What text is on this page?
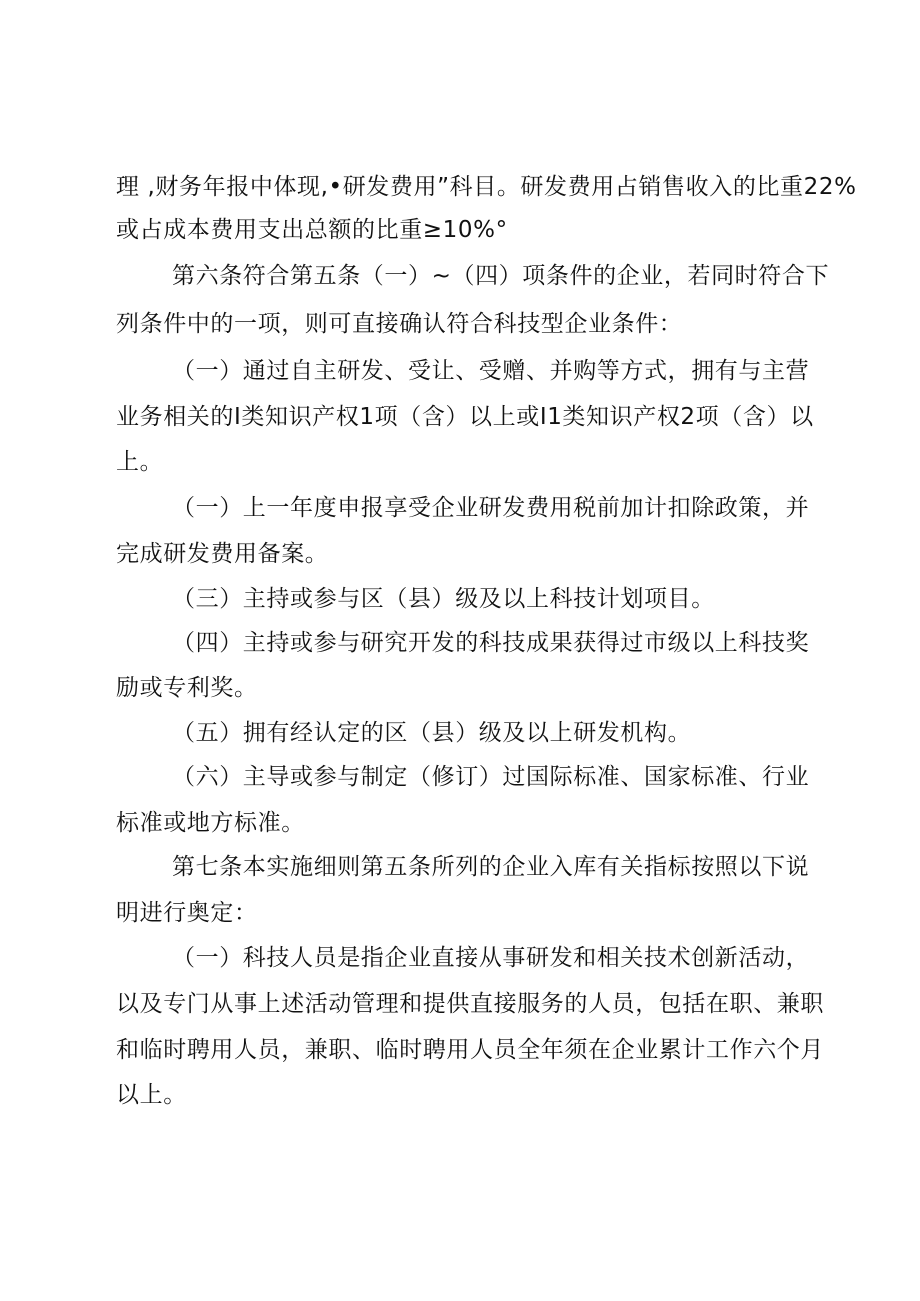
理 ,财务年报中体现,•研发费用”科目。研发费用占销售收入的比重22%
或占成本费用支出总额的比重≥10%°
第六条符合第五条（一）~（四）项条件的企业，若同时符合下
列条件中的一项，则可直接确认符合科技型企业条件：
（一）通过自主研发、受让、受赠、并购等方式，拥有与主营
业务相关的I类知识产权1项（含）以上或I1类知识产权2项（含）以
上。
（一）上一年度申报享受企业研发费用税前加计扣除政策，并
完成研发费用备案。
（三）主持或参与区（县）级及以上科技计划项目。
（四）主持或参与研究开发的科技成果获得过市级以上科技奖
励或专利奖。
（五）拥有经认定的区（县）级及以上研发机构。
（六）主导或参与制定（修订）过国际标准、国家标准、行业
标准或地方标准。
第七条本实施细则第五条所列的企业入库有关指标按照以下说
明进行奥定：
（一）科技人员是指企业直接从事研发和相关技术创新活动，
以及专门从事上述活动管理和提供直接服务的人员，包括在职、兼职
和临时聘用人员，兼职、临时聘用人员全年须在企业累计工作六个月
以上。
